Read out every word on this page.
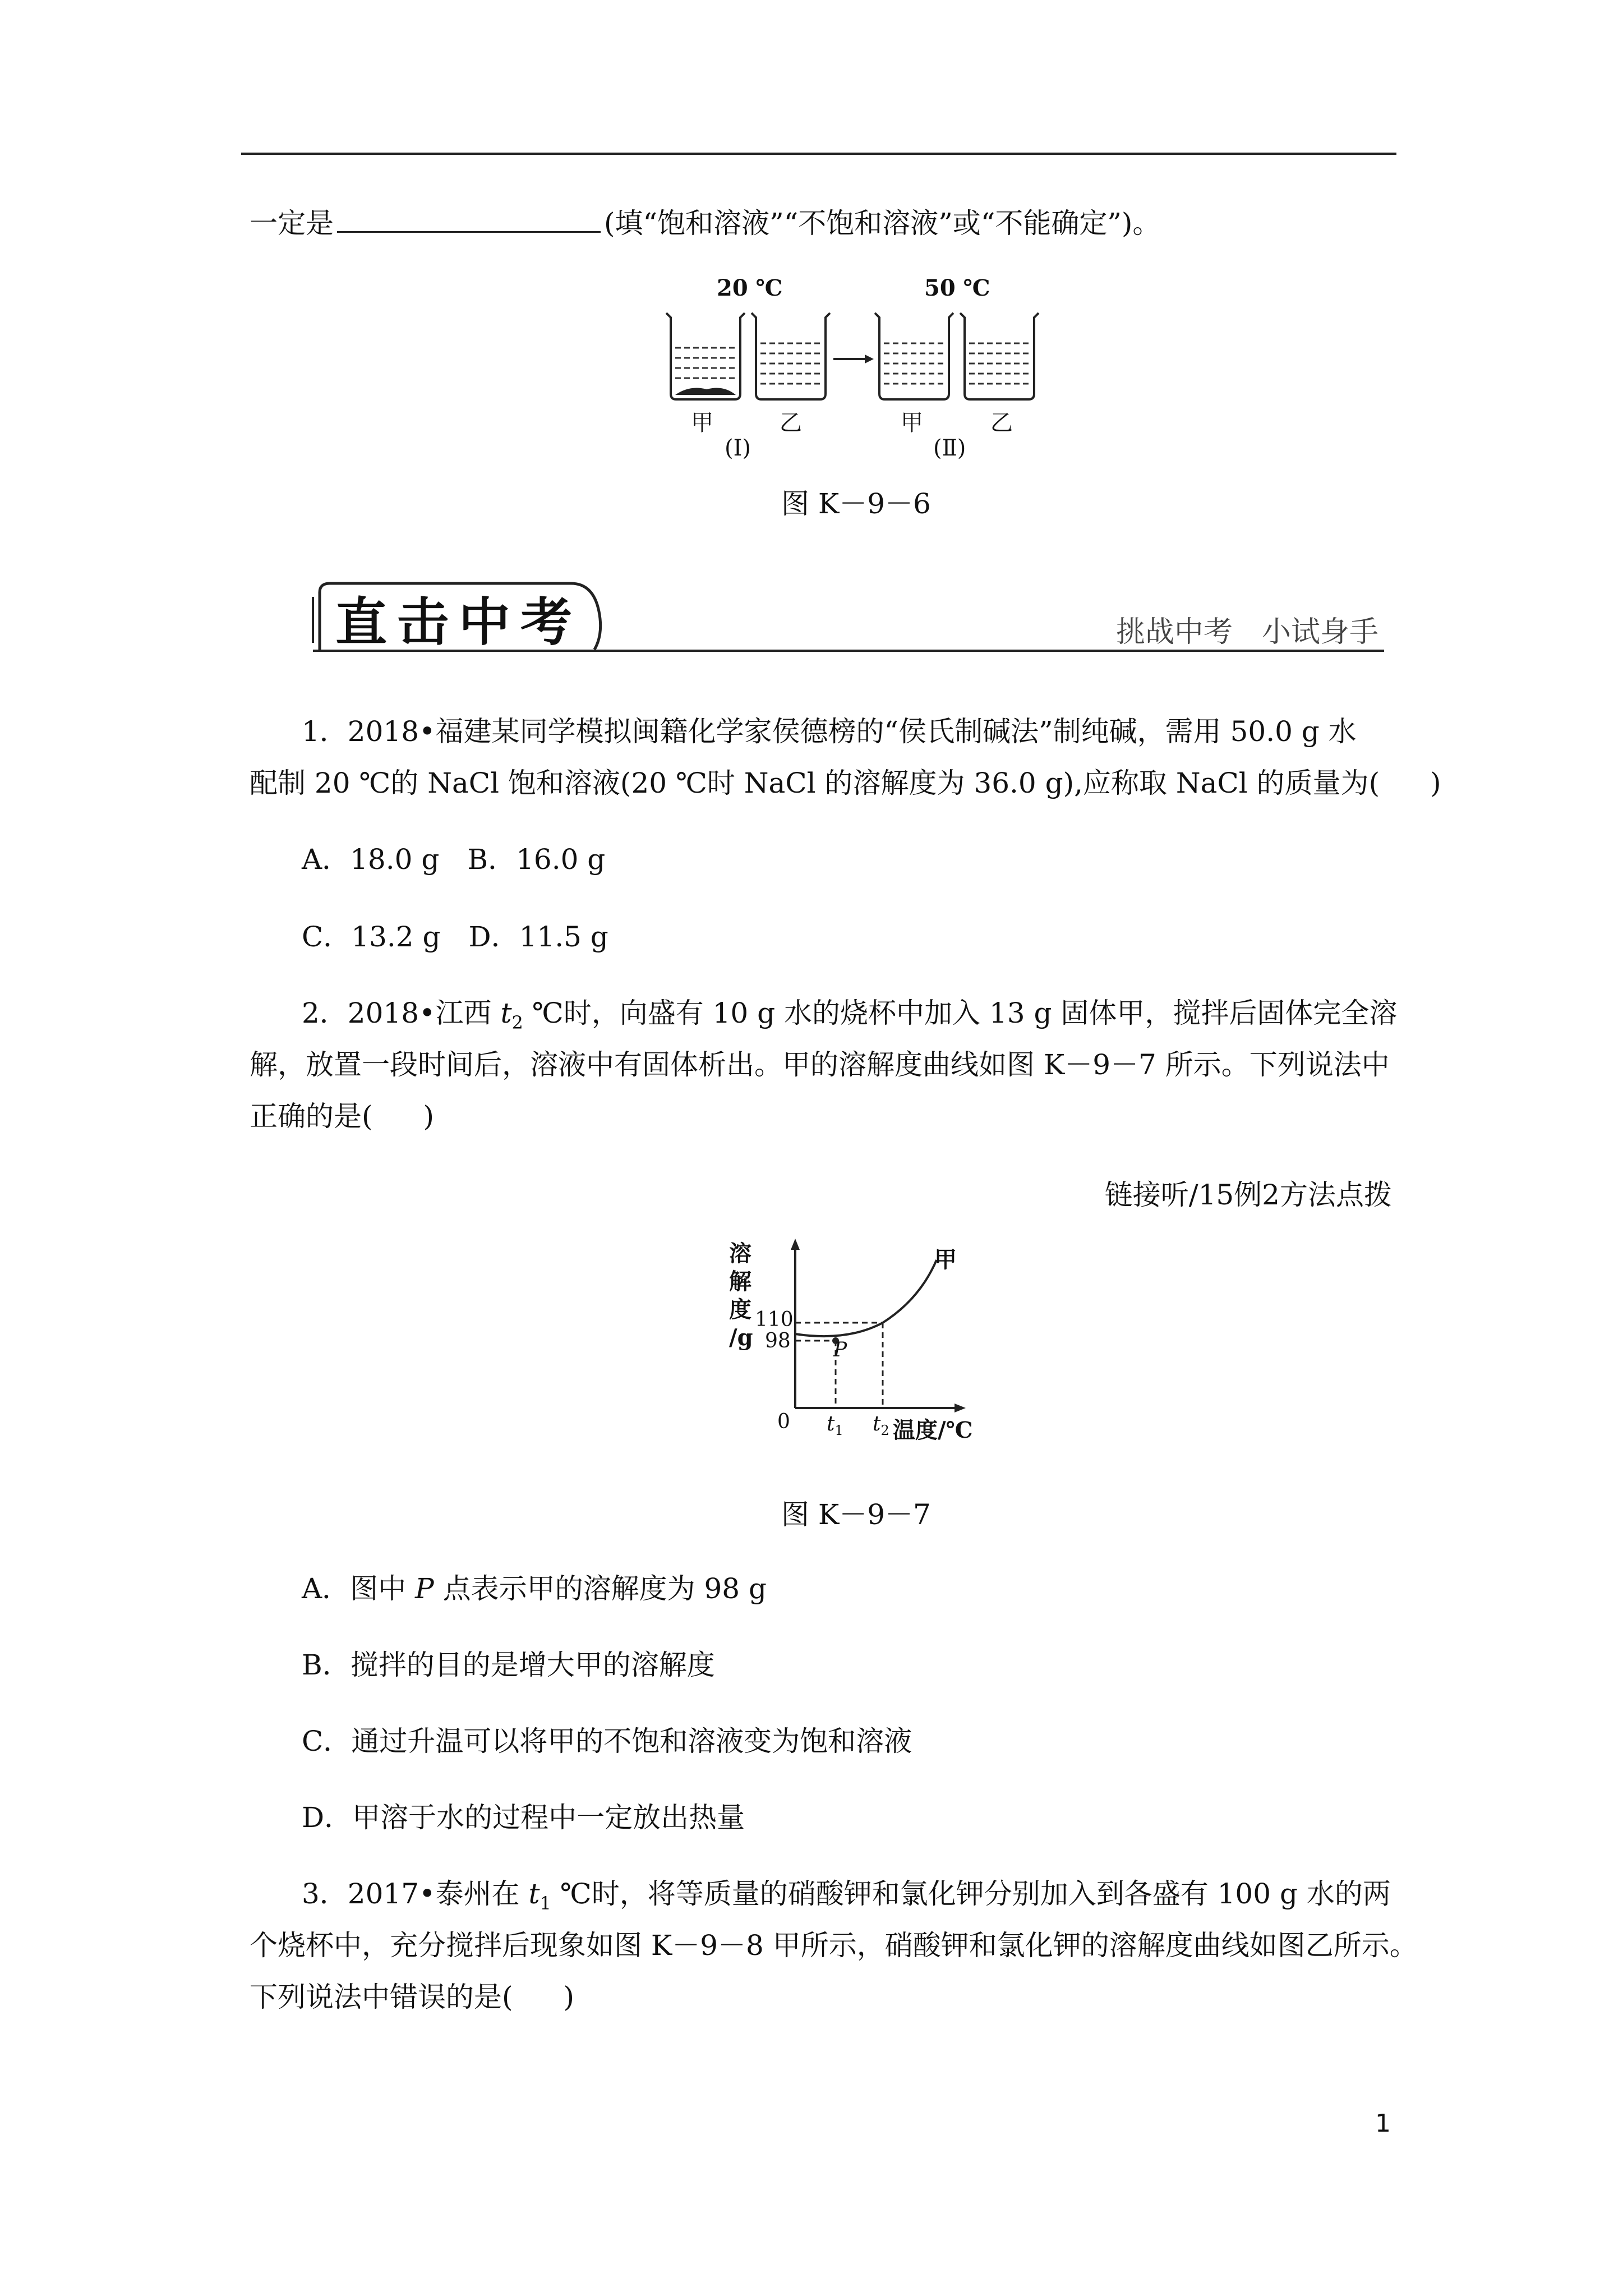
一定是	(填“饱和溶液”“不饱和溶液”或“不能确定”)。
20 ℃	50 ℃
甲	乙	甲	乙
(Ⅰ)	(Ⅱ)
图 K－9－6
直击中考	挑战中考　小试身手
1．2018•福建某同学模拟闽籍化学家侯德榜的“侯氏制碱法”制纯碱，需用 50.0 g 水
配制 20 ℃的 NaCl 饱和溶液(20 ℃时 NaCl 的溶解度为 36.0 g),应称取 NaCl 的质量为( )
A．18.0 g　B．16.0 g
C．13.2 g　D．11.5 g
2．2018•江西 $t_2$ ℃时，向盛有 10 g 水的烧杯中加入 13 g 固体甲，搅拌后固体完全溶
解，放置一段时间后，溶液中有固体析出。甲的溶解度曲线如图 K－9－7 所示。下列说法中
正确的是( )
链接听/15例2方法点拨
溶
解
度
/g
110
98
0 $t_1$ $t_2$ 温度/℃
甲
P
图 K－9－7
A．图中 P 点表示甲的溶解度为 98 g
B．搅拌的目的是增大甲的溶解度
C．通过升温可以将甲的不饱和溶液变为饱和溶液
D．甲溶于水的过程中一定放出热量
3．2017•泰州在 $t_1$ ℃时，将等质量的硝酸钾和氯化钾分别加入到各盛有 100 g 水的两
个烧杯中，充分搅拌后现象如图 K－9－8 甲所示，硝酸钾和氯化钾的溶解度曲线如图乙所示。
下列说法中错误的是( )
1
